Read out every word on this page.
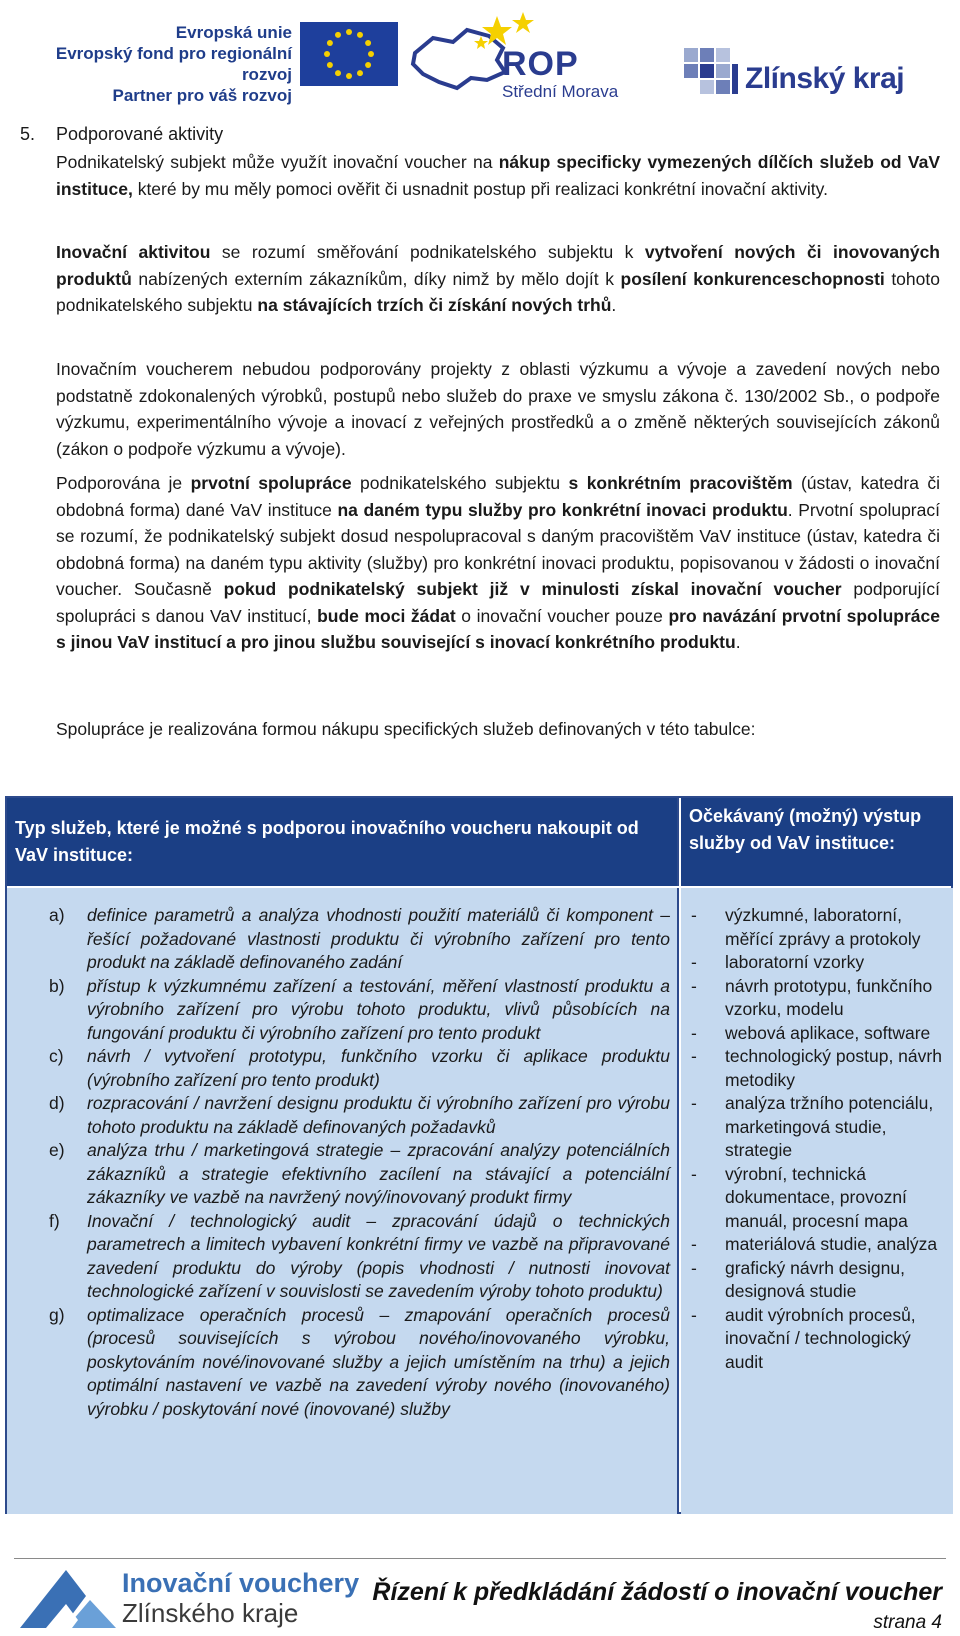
Evropská unie
Evropský fond pro regionální rozvoj
Partner pro váš rozvoj
ROP
Střední Morava	Zlínský kraj
5. Podporované aktivity
Podnikatelský subjekt může využít inovační voucher na nákup specificky vymezených dílčích služeb od VaV instituce, které by mu měly pomoci ověřit či usnadnit postup při realizaci konkrétní inovační aktivity.
Inovační aktivitou se rozumí směřování podnikatelského subjektu k vytvoření nových či inovovaných produktů nabízených externím zákazníkům, díky nimž by mělo dojít k posílení konkurenceschopnosti tohoto podnikatelského subjektu na stávajících trzích či získání nových trhů.
Inovačním voucherem nebudou podporovány projekty z oblasti výzkumu a vývoje a zavedení nových nebo podstatně zdokonalených výrobků, postupů nebo služeb do praxe ve smyslu zákona č. 130/2002 Sb., o podpoře výzkumu, experimentálního vývoje a inovací z veřejných prostředků a o změně některých souvisejících zákonů (zákon o podpoře výzkumu a vývoje).
Podporována je prvotní spolupráce podnikatelského subjektu s konkrétním pracovištěm (ústav, katedra či obdobná forma) dané VaV instituce na daném typu služby pro konkrétní inovaci produktu. Prvotní spoluprací se rozumí, že podnikatelský subjekt dosud nespolupracoval s daným pracovištěm VaV instituce (ústav, katedra či obdobná forma) na daném typu aktivity (služby) pro konkrétní inovaci produktu, popisovanou v žádosti o inovační voucher. Současně pokud podnikatelský subjekt již v minulosti získal inovační voucher podporující spolupráci s danou VaV institucí, bude moci žádat o inovační voucher pouze pro navázání prvotní spolupráce s jinou VaV institucí a pro jinou službu související s inovací konkrétního produktu.
Spolupráce je realizována formou nákupu specifických služeb definovaných v této tabulce:
Typ služeb, které je možné s podporou inovačního voucheru nakoupit od VaV instituce:
Očekávaný (možný) výstup služby od VaV instituce:
a) definice parametrů a analýza vhodnosti použití materiálů či komponent – řešící požadované vlastnosti produktu či výrobního zařízení pro tento produkt na základě definovaného zadání
b) přístup k výzkumnému zařízení a testování, měření vlastností produktu a výrobního zařízení pro výrobu tohoto produktu, vlivů působících na fungování produktu či výrobního zařízení pro tento produkt
c) návrh / vytvoření prototypu, funkčního vzorku či aplikace produktu (výrobního zařízení pro tento produkt)
d) rozpracování / navržení designu produktu či výrobního zařízení pro výrobu tohoto produktu na základě definovaných požadavků
e) analýza trhu / marketingová strategie – zpracování analýzy potenciálních zákazníků a strategie efektivního zacílení na stávající a potenciální zákazníky ve vazbě na navržený nový/inovovaný produkt firmy
f) Inovační / technologický audit – zpracování údajů o technických parametrech a limitech vybavení konkrétní firmy ve vazbě na připravované zavedení produktu do výroby (popis vhodnosti / nutnosti inovovat technologické zařízení v souvislosti se zavedením výroby tohoto produktu)
g) optimalizace operačních procesů – zmapování operačních procesů (procesů souvisejících s výrobou nového/inovovaného výrobku, poskytováním nové/inovované služby a jejich umístěním na trhu) a jejich optimální nastavení ve vazbě na zavedení výroby nového (inovovaného) výrobku / poskytování nové (inovované) služby
- výzkumné, laboratorní, měřící zprávy a protokoly
- laboratorní vzorky
- návrh prototypu, funkčního vzorku, modelu
- webová aplikace, software
- technologický postup, návrh metodiky
- analýza tržního potenciálu, marketingová studie, strategie
- výrobní, technická dokumentace, provozní manuál, procesní mapa
- materiálová studie, analýza
- grafický návrh designu, designová studie
- audit výrobních procesů, inovační / technologický audit
Inovační vouchery
Zlínského kraje
Řízení k předkládání žádostí o inovační voucher
strana 4
